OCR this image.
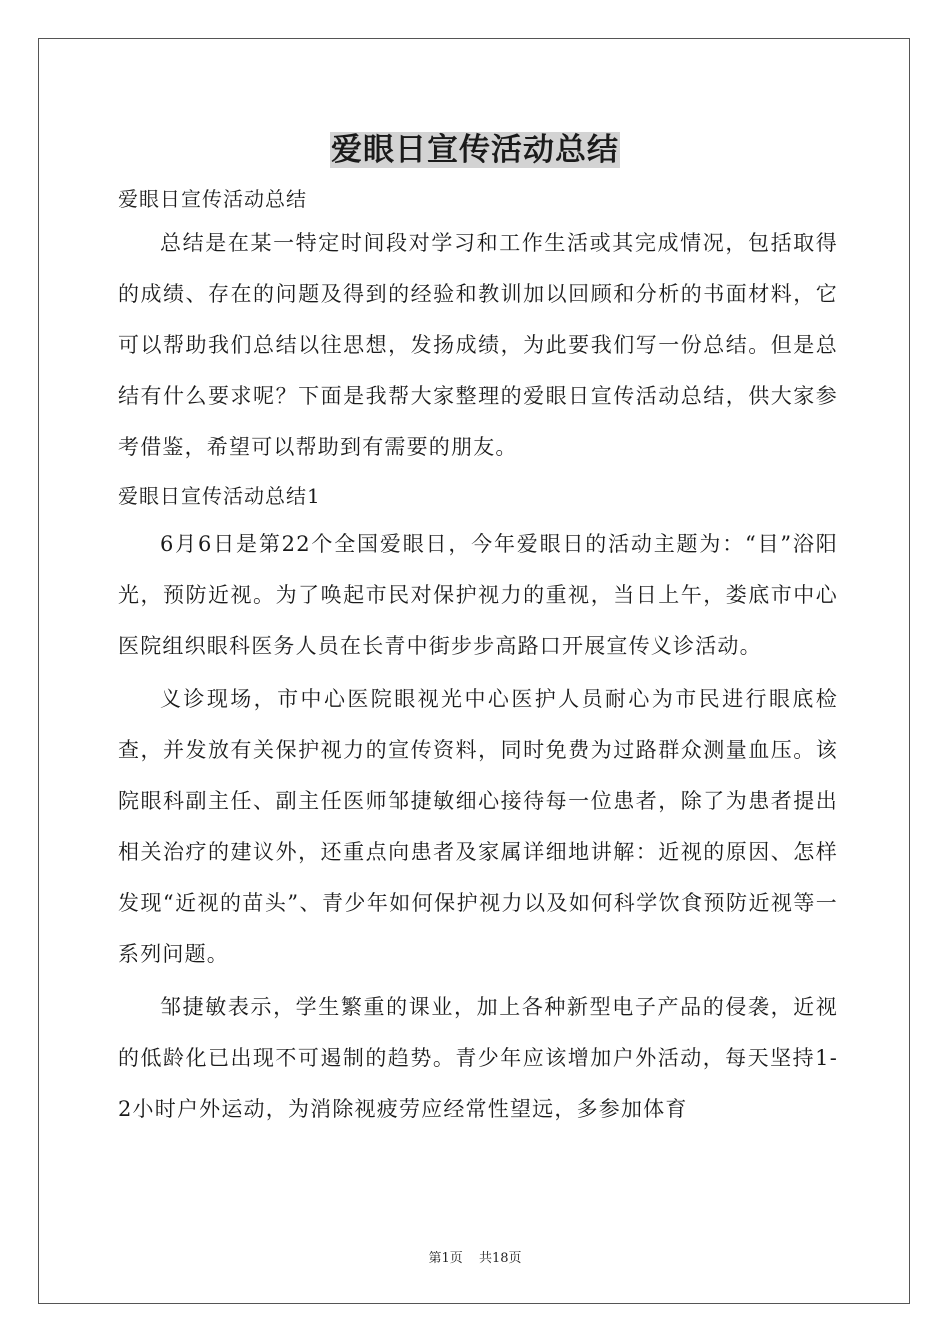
爱眼日宣传活动总结

爱眼日宣传活动总结

总结是在某一特定时间段对学习和工作生活或其完成情况，包括取得的成绩、存在的问题及得到的经验和教训加以回顾和分析的书面材料，它可以帮助我们总结以往思想，发扬成绩，为此要我们写一份总结。但是总结有什么要求呢？下面是我帮大家整理的爱眼日宣传活动总结，供大家参考借鉴，希望可以帮助到有需要的朋友。

爱眼日宣传活动总结1

6月6日是第22个全国爱眼日，今年爱眼日的活动主题为：“目”浴阳光，预防近视。为了唤起市民对保护视力的重视，当日上午，娄底市中心医院组织眼科医务人员在长青中街步步高路口开展宣传义诊活动。

义诊现场，市中心医院眼视光中心医护人员耐心为市民进行眼底检查，并发放有关保护视力的宣传资料，同时免费为过路群众测量血压。该院眼科副主任、副主任医师邹捷敏细心接待每一位患者，除了为患者提出相关治疗的建议外，还重点向患者及家属详细地讲解：近视的原因、怎样发现“近视的苗头”、青少年如何保护视力以及如何科学饮食预防近视等一系列问题。

邹捷敏表示，学生繁重的课业，加上各种新型电子产品的侵袭，近视的低龄化已出现不可遏制的趋势。青少年应该增加户外活动，每天坚持1-2小时户外运动，为消除视疲劳应经常性望远，多参加体育

第1页 共18页
